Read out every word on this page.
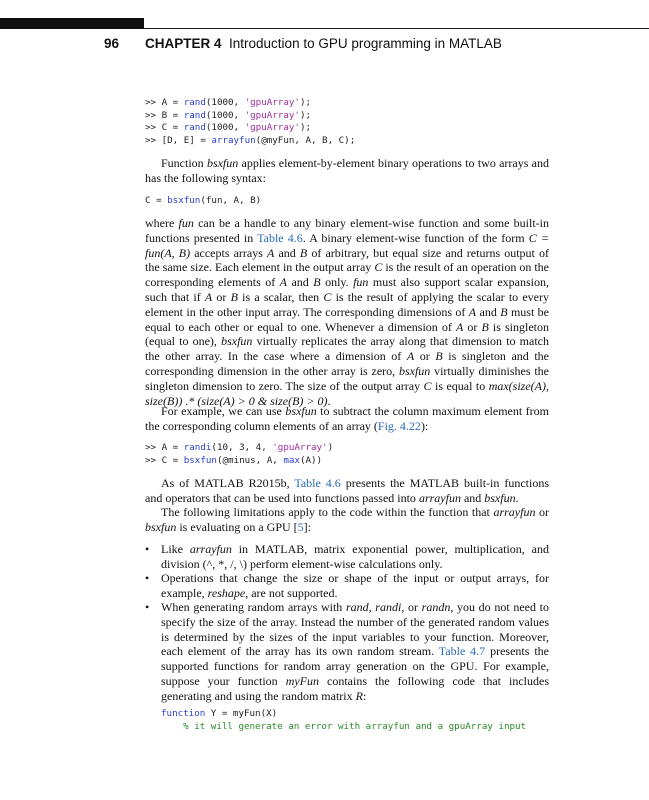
96 CHAPTER 4 Introduction to GPU programming in MATLAB
>> A = rand(1000, 'gpuArray');
>> B = rand(1000, 'gpuArray');
>> C = rand(1000, 'gpuArray');
>> [D, E] = arrayfun(@myFun, A, B, C);
Function bsxfun applies element-by-element binary operations to two arrays and has the following syntax:
C = bsxfun(fun, A, B)
where fun can be a handle to any binary element-wise function and some built-in functions presented in Table 4.6. A binary element-wise function of the form C = fun(A, B) accepts arrays A and B of arbitrary, but equal size and returns output of the same size. Each element in the output array C is the result of an operation on the corresponding elements of A and B only. fun must also support scalar expansion, such that if A or B is a scalar, then C is the result of applying the scalar to every element in the other input array. The corresponding dimensions of A and B must be equal to each other or equal to one. Whenever a dimension of A or B is singleton (equal to one), bsxfun virtually replicates the array along that dimension to match the other array. In the case where a dimension of A or B is singleton and the corresponding dimension in the other array is zero, bsxfun virtually diminishes the singleton dimension to zero. The size of the output array C is equal to max(size(A), size(B)) .* (size(A) > 0 & size(B) > 0).
For example, we can use bsxfun to subtract the column maximum element from the corresponding column elements of an array (Fig. 4.22):
>> A = randi(10, 3, 4, 'gpuArray')
>> C = bsxfun(@minus, A, max(A))
As of MATLAB R2015b, Table 4.6 presents the MATLAB built-in functions and operators that can be used into functions passed into arrayfun and bsxfun.
The following limitations apply to the code within the function that arrayfun or bsxfun is evaluating on a GPU [5]:
• Like arrayfun in MATLAB, matrix exponential power, multiplication, and division (^, *, /, \) perform element-wise calculations only.
• Operations that change the size or shape of the input or output arrays, for example, reshape, are not supported.
• When generating random arrays with rand, randi, or randn, you do not need to specify the size of the array. Instead the number of the generated random values is determined by the sizes of the input variables to your function. Moreover, each element of the array has its own random stream. Table 4.7 presents the supported functions for random array generation on the GPU. For example, suppose your function myFun contains the following code that includes generating and using the random matrix R:
function Y = myFun(X)
% it will generate an error with arrayfun and a gpuArray input
